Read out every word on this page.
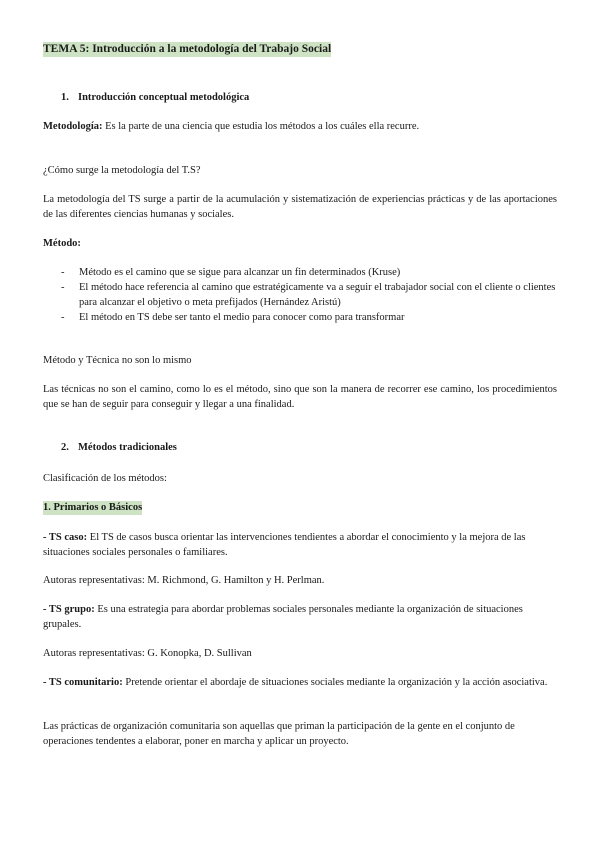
TEMA 5: Introducción a la metodología del Trabajo Social

1. Introducción conceptual metodológica

Metodología: Es la parte de una ciencia que estudia los métodos a los cuáles ella recurre.

¿Cómo surge la metodología del T.S?

La metodología del TS surge a partir de la acumulación y sistematización de experiencias prácticas y de las aportaciones de las diferentes ciencias humanas y sociales.

Método:

- Método es el camino que se sigue para alcanzar un fin determinados (Kruse)
- El método hace referencia al camino que estratégicamente va a seguir el trabajador social con el cliente o clientes para alcanzar el objetivo o meta prefijados (Hernández Aristú)
- El método en TS debe ser tanto el medio para conocer como para transformar

Método y Técnica no son lo mismo

Las técnicas no son el camino, como lo es el método, sino que son la manera de recorrer ese camino, los procedimientos que se han de seguir para conseguir y llegar a una finalidad.

2. Métodos tradicionales

Clasificación de los métodos:

1. Primarios o Básicos

- TS caso: El TS de casos busca orientar las intervenciones tendientes a abordar el conocimiento y la mejora de las situaciones sociales personales o familiares.

Autoras representativas: M. Richmond, G. Hamilton y H. Perlman.

- TS grupo: Es una estrategia para abordar problemas sociales personales mediante la organización de situaciones grupales.

Autoras representativas: G. Konopka, D. Sullivan

- TS comunitario: Pretende orientar el abordaje de situaciones sociales mediante la organización y la acción asociativa.

Las prácticas de organización comunitaria son aquellas que priman la participación de la gente en el conjunto de operaciones tendentes a elaborar, poner en marcha y aplicar un proyecto.
